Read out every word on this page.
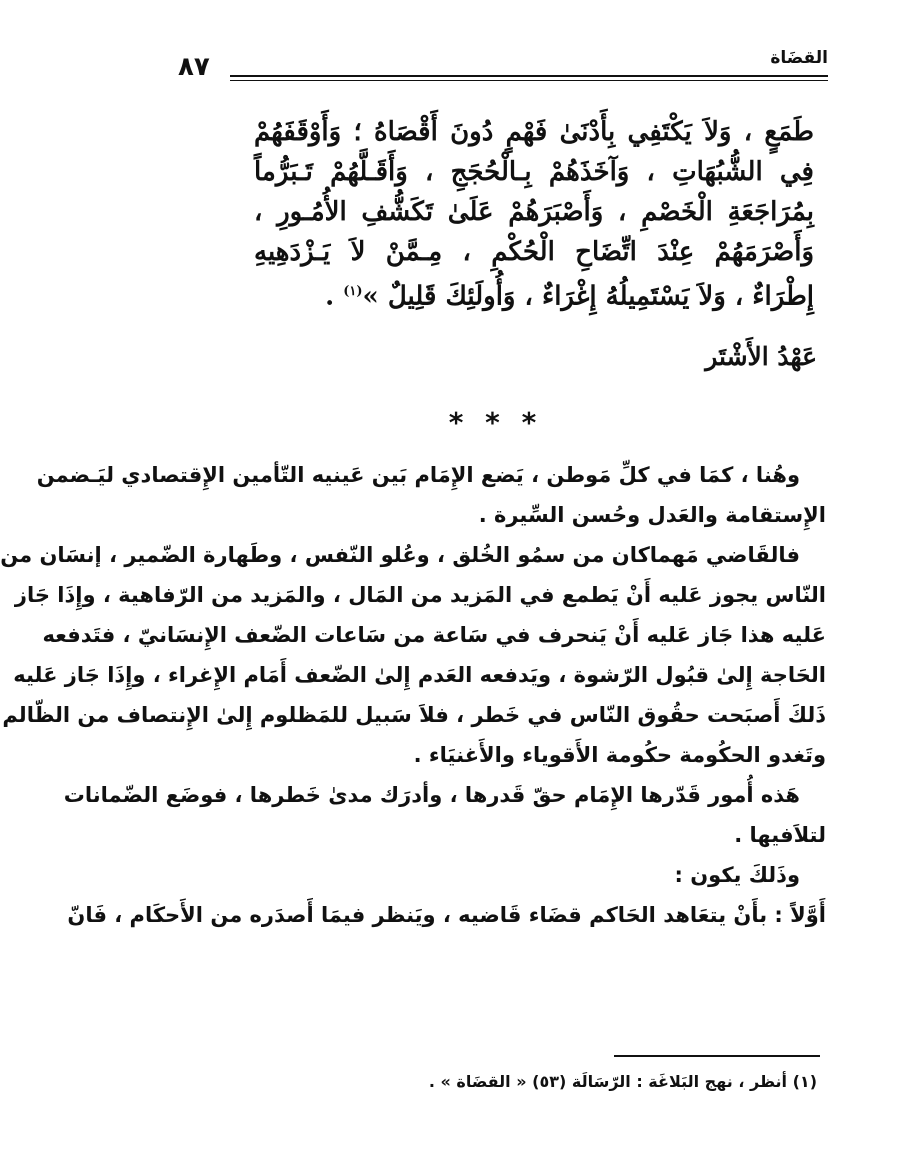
٨٧	القضَاة
طَمَعٍ ، وَلاَ يَكْتَفِي بِأَدْنَىٰ فَهْمٍ دُونَ أَقْصَاهُ ؛ وَأَوْقَفَهُمْ
فِي الشُّبُهَاتِ ، وَآخَذَهُمْ بِـالْحُجَجِ ، وَأَقَـلَّهُمْ تَـبَرُّماً
بِمُرَاجَعَةِ الْخَصْمِ ، وَأَصْبَرَهُمْ عَلَىٰ تَكَشُّفِ الأُمُـورِ ،
وَأَصْرَمَهُمْ عِنْدَ اتِّضَاحِ الْحُكْمِ ، مِـمَّنْ لاَ يَـزْدَهِيهِ
إِطْرَاءٌ ، وَلاَ يَسْتَمِيلُهُ إِغْرَاءٌ ، وَأُولَئِكَ قَلِيلٌ »$^{(١)}$ .
عَهْدُ الأَشْتَر
* * *
وهُنا ، كمَا في كلِّ مَوطن ، يَضع الإِمَام بَين عَينيه التّأمين الإِقتصادي ليَـضمن
الإِستقامة والعَدل وحُسن السِّيرة .
فالقَاضي مَهماكان من سمُو الخُلق ، وعُلو النّفس ، وطَهارة الضّمير ، إنسَان من
النّاس يجوز عَليه أَنْ يَطمع في المَزيد من المَال ، والمَزيد من الرّفاهية ، وإِذَا جَاز
عَليه هذا جَاز عَليه أَنْ يَنحرف في سَاعة من سَاعات الضّعف الإِنسَانيّ ، فتَدفعه
الحَاجة إِلىٰ قبُول الرّشوة ، ويَدفعه العَدم إِلىٰ الضّعف أَمَام الإِغراء ، وإِذَا جَاز عَليه
ذَلكَ أَصبَحت حقُوق النّاس في خَطر ، فلاَ سَبيل للمَظلوم إِلىٰ الإِنتصاف من الظّالم
وتَغدو الحكُومة حكُومة الأَقوياء والأَغنيَاء .
هَذه أُمور قَدّرها الإِمَام حقّ قَدرها ، وأدرَك مدىٰ خَطرها ، فوضَع الضّمانات
لتلاَفيها .
وذَلكَ يكون :
أَوَّلاً : بأَنْ يتعَاهد الحَاكم قضَاء قَاضيه ، ويَنظر فيمَا أَصدَره من الأَحكَام ، فَانّ
(١) أنظر ، نهج البَلاغَة : الرّسَالَة (٥٣) « القضَاة » .
